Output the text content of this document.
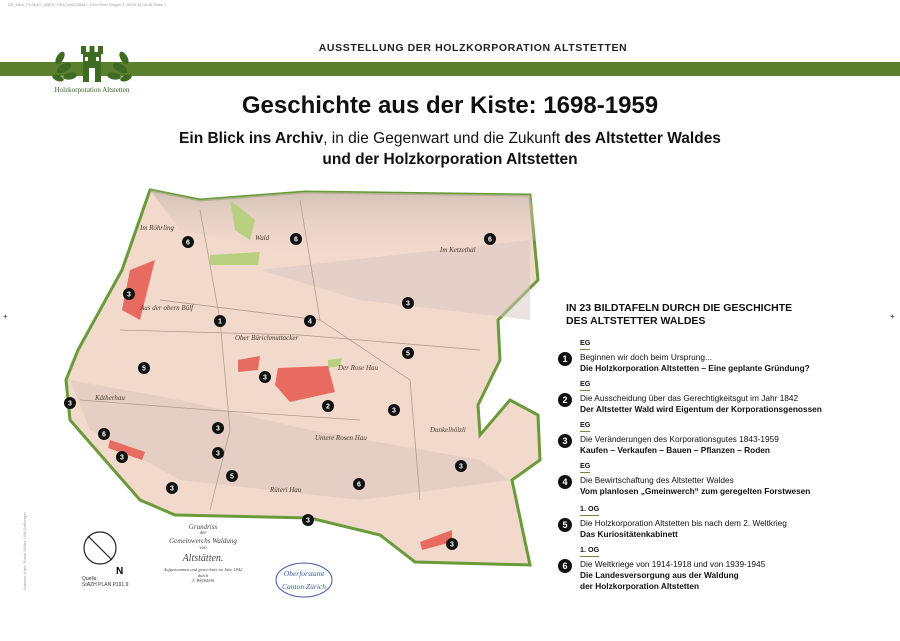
DE_HKA_PLAKAT_ÜBER_HKA_WALDBAU_100x70cm Doppel 1 10.05.19 08:48 Seite 1
+	+
Autoren: Kant, Ruedi Müller, Willi Sollberger
AUSSTELLUNG DER HOLZKORPORATION ALTSTETTEN
Holzkorporation Altstetten
Geschichte aus der Kiste: 1698-1959
Ein Blick ins Archiv, in die Gegenwart und die Zukunft des Altstetter Waldes
und der Holzkorporation Altstetten
Wald
Im Ketzethal
Aus der obern Bülf
Ober Bürichmuttacker
Der Rose Hau
Kätherhau
Untere Rosen Hau
Dunkelhölzli
Rüteri Hau
Im Röhrling
6	6	6
3
3
1	4
5
5
3
3
6
2
3
3
3
3
3
5
6
3
3
3
N
Quelle:
StAZH PLAN P191.9
Grundriss
der
Gemeinwerchs Waldung
von
Altstätten.
Aufgenommen und gezeichnet im Jahr 1842
durch
J. Wettstein
Oberforstamt
Canton Zürich
IN 23 BILDTAFELN DURCH DIE GESCHICHTE
DES ALTSTETTER WALDES
EG
1	Beginnen wir doch beim Ursprung...
Die Holzkorporation Altstetten – Eine geplante Gründung?
EG
2	Die Ausscheidung über das Gerechtigkeitsgut im Jahr 1842
Der Altstetter Wald wird Eigentum der Korporationsgenossen
EG
3	Die Veränderungen des Korporationsgutes 1843-1959
Kaufen – Verkaufen – Bauen – Pflanzen – Roden
EG
4	Die Bewirtschaftung des Altstetter Waldes
Vom planlosen „Gmeinwerch“ zum geregelten Forstwesen
1. OG
5	Die Holzkorporation Altstetten bis nach dem 2. Weltkrieg
Das Kuriositätenkabinett
1. OG
6	Die Weltkriege von 1914-1918 und von 1939-1945
Die Landesversorgung aus der Waldung
der Holzkorporation Altstetten
